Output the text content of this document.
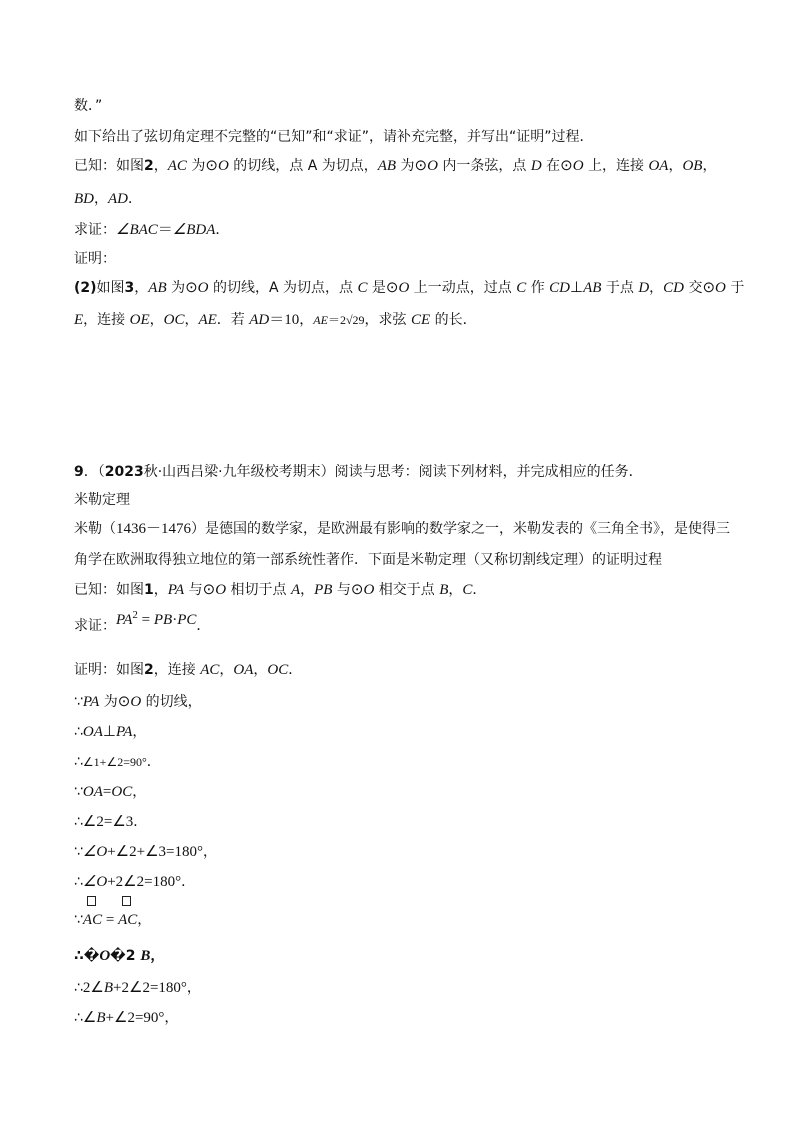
数．”
如下给出了弦切角定理不完整的“已知”和“求证”，请补充完整，并写出“证明”过程．
已知：如图2，AC 为⊙O 的切线，点 A 为切点，AB 为⊙O 内一条弦，点 D 在⊙O 上，连接 OA，OB，
BD，AD．
求证：∠BAC＝∠BDA．
证明：
(2)如图3，AB 为⊙O 的切线，A 为切点，点 C 是⊙O 上一动点，过点 C 作 CD⊥AB 于点 D，CD 交⊙O 于
E，连接 OE，OC，AE．若 AD＝10，AE＝2√29，求弦 CE 的长．
9．（2023秋·山西吕梁·九年级校考期末）阅读与思考：阅读下列材料，并完成相应的任务．
米勒定理
米勒（1436－1476）是德国的数学家，是欧洲最有影响的数学家之一，米勒发表的《三角全书》，是使得三
角学在欧洲取得独立地位的第一部系统性著作．下面是米勒定理（又称切割线定理）的证明过程
已知：如图1，PA 与⊙O 相切于点 A，PB 与⊙O 相交于点 B，C．
求证：$PA^2 = PB\cdot PC$．
证明：如图2，连接 AC，OA，OC．
∵PA 为⊙O 的切线，
∴OA⊥PA，
∴∠1+∠2=90°．
∵OA=OC，
∴∠2=∠3．
∵∠O+∠2+∠3=180°，
∴∠O+2∠2=180°．
∵AC = AC，
∴�O�2 B，
∴2∠B+2∠2=180°，
∴∠B+∠2=90°，
